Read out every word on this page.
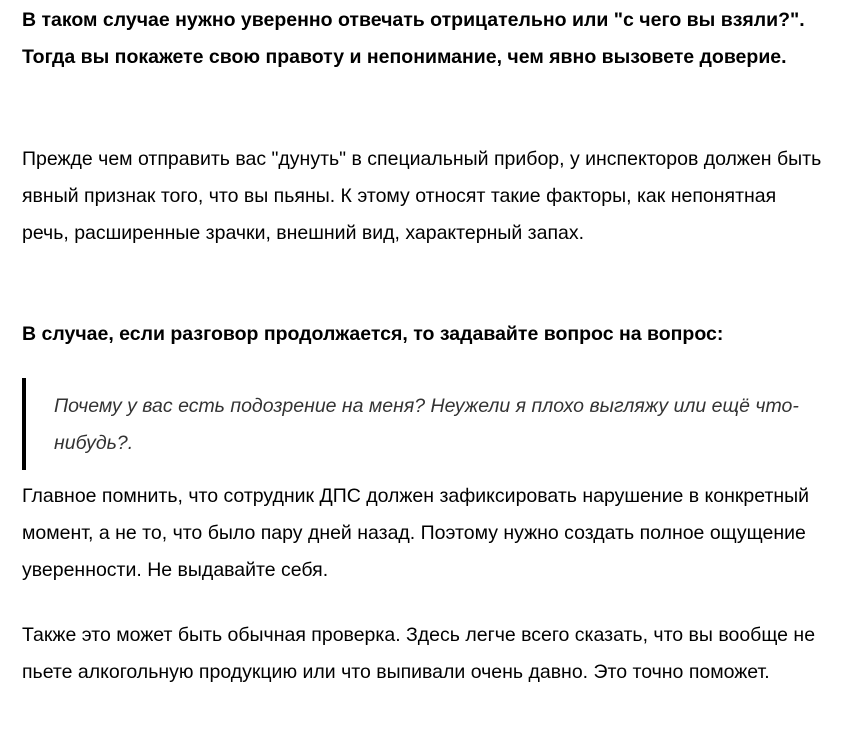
В таком случае нужно уверенно отвечать отрицательно или "с чего вы взяли?". Тогда вы покажете свою правоту и непонимание, чем явно вызовете доверие.

Прежде чем отправить вас "дунуть" в специальный прибор, у инспекторов должен быть явный признак того, что вы пьяны. К этому относят такие факторы, как непонятная речь, расширенные зрачки, внешний вид, характерный запах.

В случае, если разговор продолжается, то задавайте вопрос на вопрос:

Почему у вас есть подозрение на меня? Неужели я плохо выгляжу или ещё что-нибудь?.

Главное помнить, что сотрудник ДПС должен зафиксировать нарушение в конкретный момент, а не то, что было пару дней назад. Поэтому нужно создать полное ощущение уверенности. Не выдавайте себя.

Также это может быть обычная проверка. Здесь легче всего сказать, что вы вообще не пьете алкогольную продукцию или что выпивали очень давно. Это точно поможет.
